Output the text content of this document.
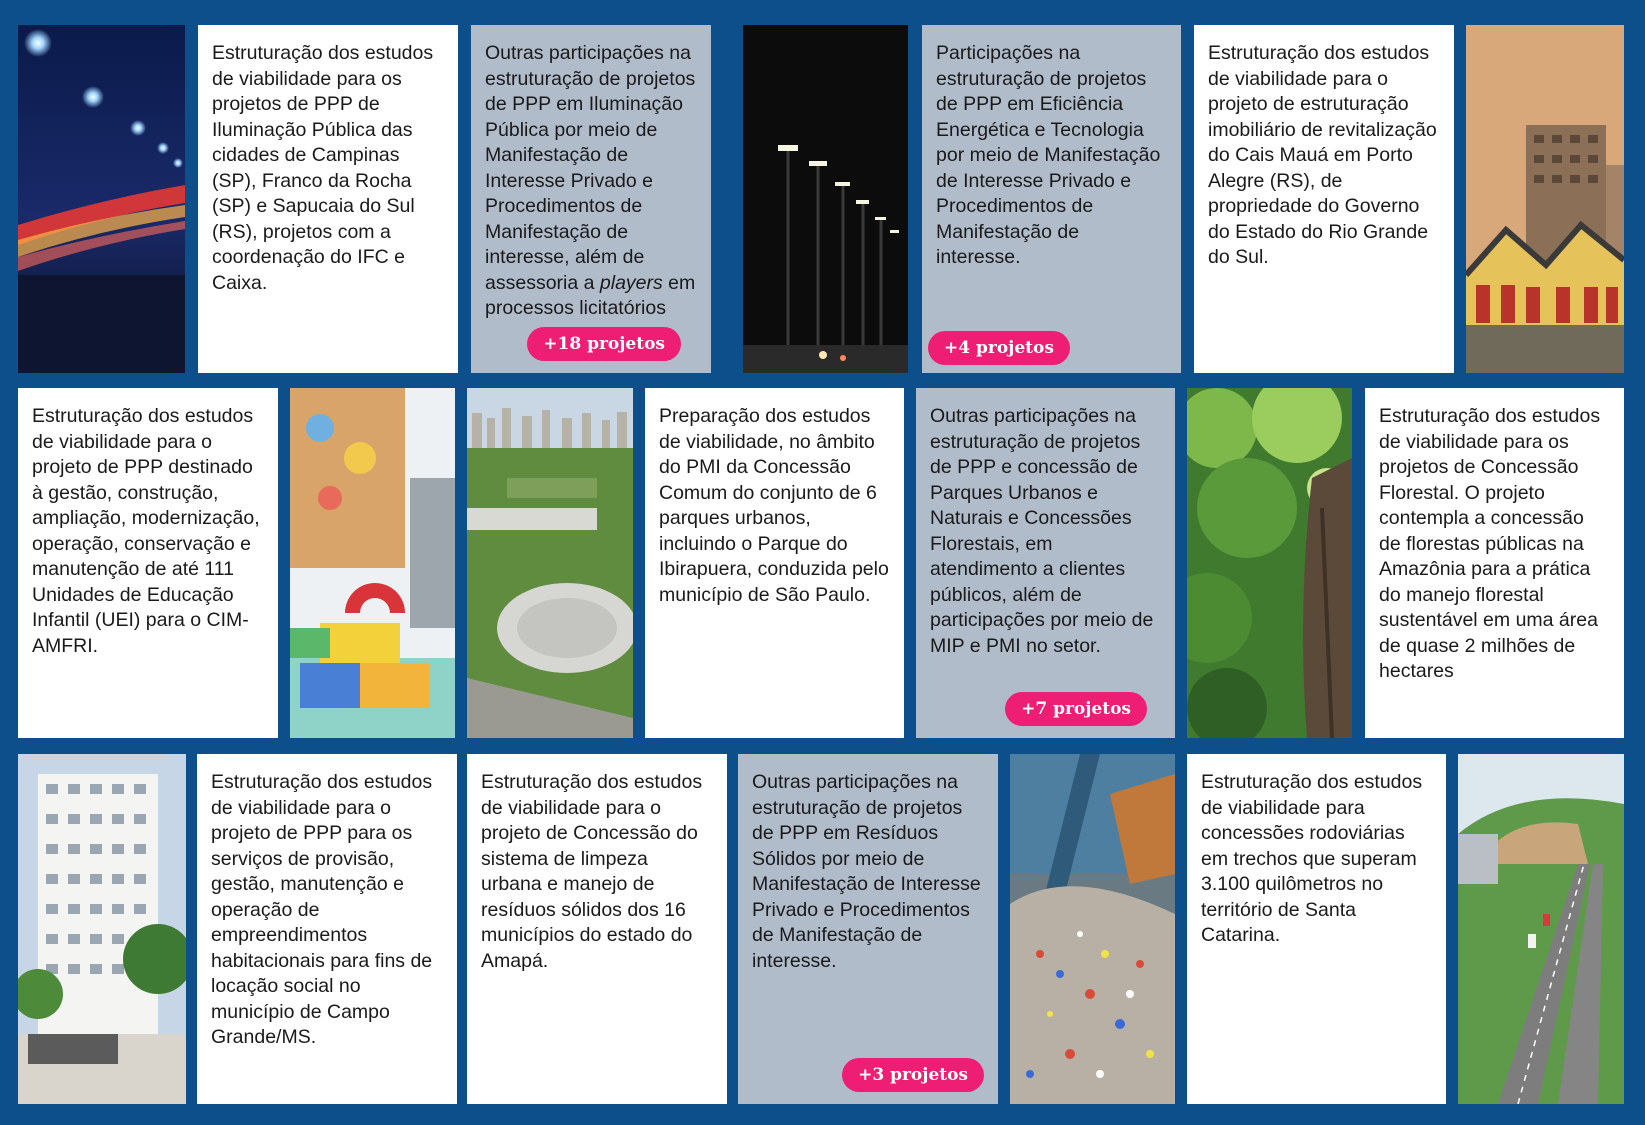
Estruturação dos estudos de viabilidade para os projetos de PPP de Iluminação Pública das cidades de Campinas (SP), Franco da Rocha (SP) e Sapucaia do Sul (RS), projetos com a coordenação do IFC e Caixa.
Outras participações na estruturação de projetos de PPP em Iluminação Pública por meio de Manifestação de Interesse Privado e Procedimentos de Manifestação de interesse, além de assessoria a players em processos licitatórios
+18 projetos
Participações na estruturação de projetos de PPP em Eficiência Energética e Tecnologia por meio de Manifestação de Interesse Privado e Procedimentos de Manifestação de interesse.
+4 projetos
Estruturação dos estudos de viabilidade para o projeto de estruturação imobiliário de revitalização do Cais Mauá em Porto Alegre (RS), de propriedade do Governo do Estado do Rio Grande do Sul.
Estruturação dos estudos de viabilidade para o projeto de PPP destinado à gestão, construção, ampliação, modernização, operação, conservação e manutenção de até 111 Unidades de Educação Infantil (UEI) para o CIM-AMFRI.
Preparação dos estudos de viabilidade, no âmbito do PMI da Concessão Comum do conjunto de 6 parques urbanos, incluindo o Parque do Ibirapuera, conduzida pelo município de São Paulo.
Outras participações na estruturação de projetos de PPP e concessão de Parques Urbanos e Naturais e Concessões Florestais, em atendimento a clientes públicos, além de participações por meio de MIP e PMI no setor.
+7 projetos
Estruturação dos estudos de viabilidade para os projetos de Concessão Florestal. O projeto contempla a concessão de florestas públicas na Amazônia para a prática do manejo florestal sustentável em uma área de quase 2 milhões de hectares
Estruturação dos estudos de viabilidade para o projeto de PPP para os serviços de provisão, gestão, manutenção e operação de empreendimentos habitacionais para fins de locação social no município de Campo Grande/MS.
Estruturação dos estudos de viabilidade para o projeto de Concessão do sistema de limpeza urbana e manejo de resíduos sólidos dos 16 municípios do estado do Amapá.
Outras participações na estruturação de projetos de PPP em Resíduos Sólidos por meio de Manifestação de Interesse Privado e Procedimentos de Manifestação de interesse.
+3 projetos
Estruturação dos estudos de viabilidade para concessões rodoviárias em trechos que superam 3.100 quilômetros no território de Santa Catarina.
